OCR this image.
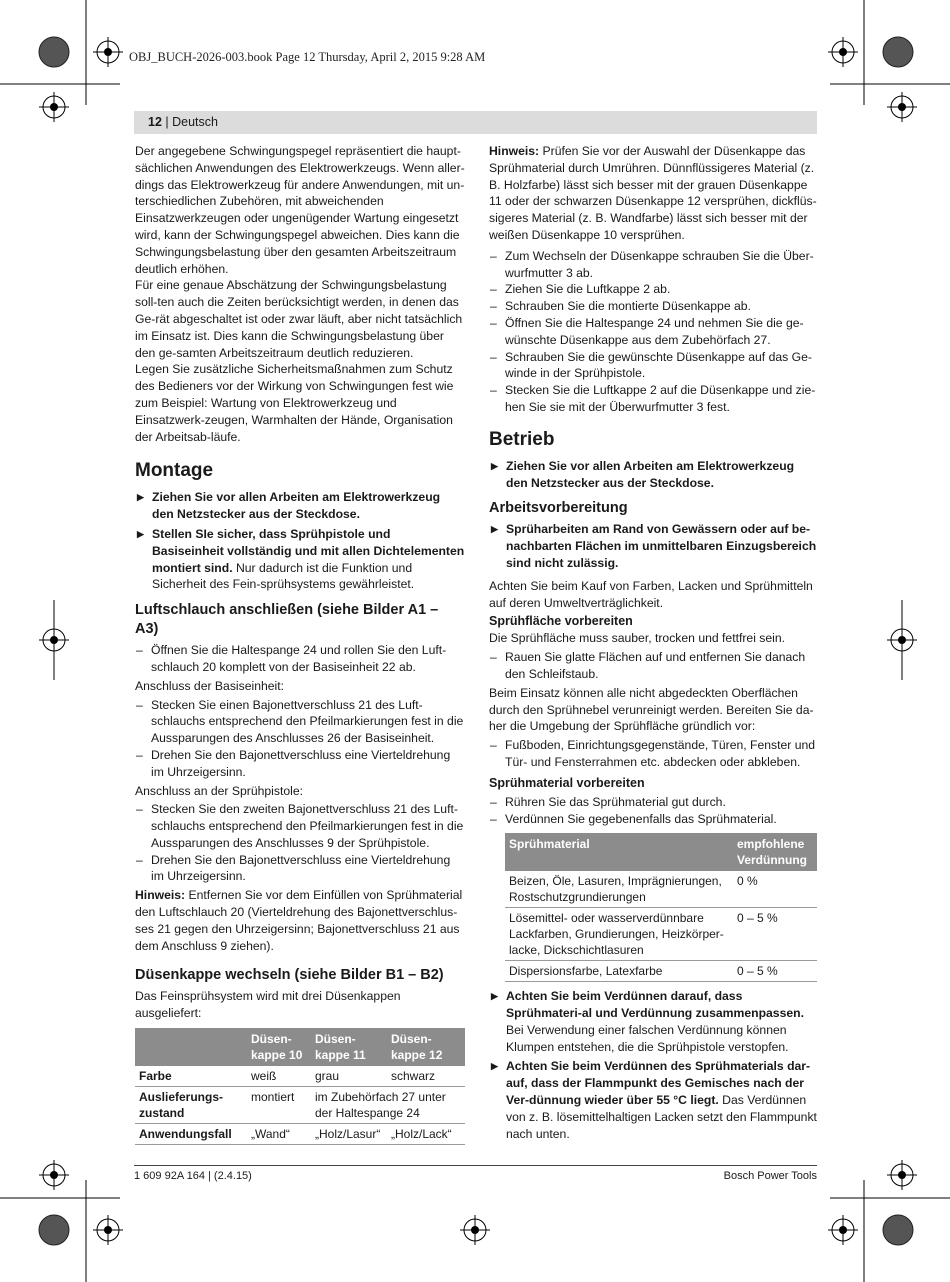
OBJ_BUCH-2026-003.book Page 12 Thursday, April 2, 2015 9:28 AM
12 | Deutsch

Der angegebene Schwingungspegel repräsentiert die haupt-sächlichen Anwendungen des Elektrowerkzeugs. Wenn aller-dings das Elektrowerkzeug für andere Anwendungen, mit un-terschiedlichen Zubehören, mit abweichenden Einsatzwerkzeugen oder ungenügender Wartung eingesetzt wird, kann der Schwingungspegel abweichen. Dies kann die Schwingungsbelastung über den gesamten Arbeitszeitraum deutlich erhöhen.

Für eine genaue Abschätzung der Schwingungsbelastung soll-ten auch die Zeiten berücksichtigt werden, in denen das Ge-rät abgeschaltet ist oder zwar läuft, aber nicht tatsächlich im Einsatz ist. Dies kann die Schwingungsbelastung über den ge-samten Arbeitszeitraum deutlich reduzieren.

Legen Sie zusätzliche Sicherheitsmaßnahmen zum Schutz des Bedieners vor der Wirkung von Schwingungen fest wie zum Beispiel: Wartung von Elektrowerkzeug und Einsatzwerk-zeugen, Warmhalten der Hände, Organisation der Arbeitsab-läufe.

Montage
▶ Ziehen Sie vor allen Arbeiten am Elektrowerkzeug den Netzstecker aus der Steckdose.
▶ Stellen SIe sicher, dass Sprühpistole und Basiseinheit vollständig und mit allen Dichtelementen montiert sind. Nur dadurch ist die Funktion und Sicherheit des Fein-sprühsystems gewährleistet.
Luftschlauch anschließen (siehe Bilder A1 – A3)
– Öffnen Sie die Haltespange 24 und rollen Sie den Luft-schlauch 20 komplett von der Basiseinheit 22 ab.

Anschluss der Basiseinheit:

– Stecken Sie einen Bajonettverschluss 21 des Luft-schlauchs entsprechend den Pfeilmarkierungen fest in die Aussparungen des Anschlusses 26 der Basiseinheit.
– Drehen Sie den Bajonettverschluss eine Vierteldrehung im Uhrzeigersinn.

Anschluss an der Sprühpistole:

– Stecken Sie den zweiten Bajonettverschluss 21 des Luft-schlauchs entsprechend den Pfeilmarkierungen fest in die Aussparungen des Anschlusses 9 der Sprühpistole.
– Drehen Sie den Bajonettverschluss eine Vierteldrehung im Uhrzeigersinn.

Hinweis: Entfernen Sie vor dem Einfüllen von Sprühmaterial den Luftschlauch 20 (Vierteldrehung des Bajonettverschlus-ses 21 gegen den Uhrzeigersinn; Bajonettverschluss 21 aus dem Anschluss 9 ziehen).

Düsenkappe wechseln (siehe Bilder B1 – B2)

Das Feinsprühsystem wird mit drei Düsenkappen ausgeliefert:

	Düsen-kappe 10	Düsen-kappe 11	Düsen-kappe 12
Farbe	weiß	grau	schwarz
Auslieferungs-zustand	montiert	im Zubehörfach 27 unter der Haltespange 24	
Anwendungsfall	„Wand“	„Holz/Lasur“	„Holz/Lack“

Hinweis: Prüfen Sie vor der Auswahl der Düsenkappe das Sprühmaterial durch Umrühren. Dünnflüssigeres Material (z. B. Holzfarbe) lässt sich besser mit der grauen Düsenkappe 11 oder der schwarzen Düsenkappe 12 versprühen, dickflüs-sigeres Material (z. B. Wandfarbe) lässt sich besser mit der weißen Düsenkappe 10 versprühen.

– Zum Wechseln der Düsenkappe schrauben Sie die Über-wurfmutter 3 ab.
– Ziehen Sie die Luftkappe 2 ab.
– Schrauben Sie die montierte Düsenkappe ab.
– Öffnen Sie die Haltespange 24 und nehmen Sie die ge-wünschte Düsenkappe aus dem Zubehörfach 27.
– Schrauben Sie die gewünschte Düsenkappe auf das Ge-winde in der Sprühpistole.
– Stecken Sie die Luftkappe 2 auf die Düsenkappe und zie-hen Sie sie mit der Überwurfmutter 3 fest.
Betrieb
▶ Ziehen Sie vor allen Arbeiten am Elektrowerkzeug den Netzstecker aus der Steckdose.
Arbeitsvorbereitung
▶ Sprüharbeiten am Rand von Gewässern oder auf be-nachbarten Flächen im unmittelbaren Einzugsbereich sind nicht zulässig.

Achten Sie beim Kauf von Farben, Lacken und Sprühmitteln auf deren Umweltverträglichkeit.

Sprühfläche vorbereiten

Die Sprühfläche muss sauber, trocken und fettfrei sein.

– Rauen Sie glatte Flächen auf und entfernen Sie danach den Schleifstaub.

Beim Einsatz können alle nicht abgedeckten Oberflächen durch den Sprühnebel verunreinigt werden. Bereiten Sie da-her die Umgebung der Sprühfläche gründlich vor:

– Fußboden, Einrichtungsgegenstände, Türen, Fenster und Tür- und Fensterrahmen etc. abdecken oder abkleben.
Sprühmaterial vorbereiten
– Rühren Sie das Sprühmaterial gut durch.
– Verdünnen Sie gegebenenfalls das Sprühmaterial.
Sprühmaterial	empfohlene Verdünnung
Beizen, Öle, Lasuren, Imprägnierungen, Rostschutzgrundierungen	0 %
Lösemittel- oder wasserverdünnbare Lackfarben, Grundierungen, Heizkörper-lacke, Dickschichtlasuren	0 – 5 %
Dispersionsfarbe, Latexfarbe	0 – 5 %
▶ Achten Sie beim Verdünnen darauf, dass Sprühmateri-al und Verdünnung zusammenpassen. Bei Verwendung einer falschen Verdünnung können Klumpen entstehen, die die Sprühpistole verstopfen.
▶ Achten Sie beim Verdünnen des Sprühmaterials dar-auf, dass der Flammpunkt des Gemisches nach der Ver-dünnung wieder über 55 °C liegt. Das Verdünnen von z. B. lösemittelhaltigen Lacken setzt den Flammpunkt nach unten.
1 609 92A 164 | (2.4.15)	Bosch Power Tools
